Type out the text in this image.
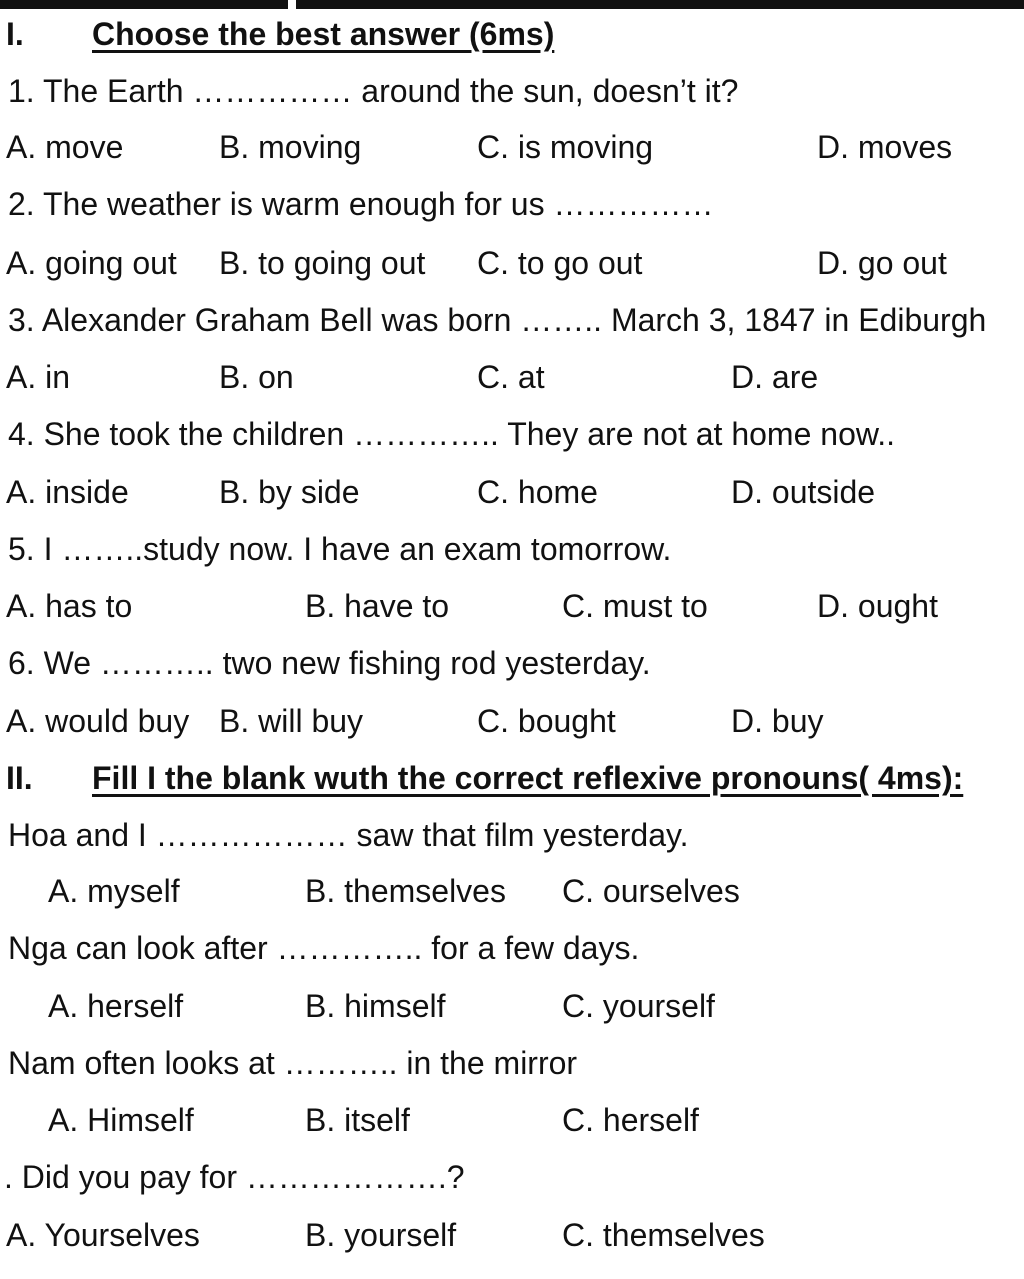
I. Choose the best answer (6ms)
1. The Earth …………… around the sun, doesn’t it?
A. move	B. moving	C. is moving	D. moves
2. The weather is warm enough for us ……………
A. going out B. to going out C. to go out	D. go out
3. Alexander Graham Bell was born …….. March 3, 1847 in Ediburgh
A. in	B. on	C. at	D. are
4. She took the children ………….. They are not at home now..
A. inside	B. by side	C. home	D. outside
5. I ……..study now. I have an exam tomorrow.
A. has to	B. have to	C. must to	D. ought
6. We ……….. two new fishing rod yesterday.
A. would buy B. will buy	C. bought	D. buy
II. Fill I the blank wuth the correct reflexive pronouns( 4ms):
Hoa and I ……………… saw that film yesterday.
A. myself	B. themselves C. ourselves
Nga can look after ………….. for a few days.
A. herself	B. himself	C. yourself
Nam often looks at ……….. in the mirror
A. Himself	B. itself	C. herself
. Did you pay for ……………….?
A. Yourselves	B. yourself	C. themselves
